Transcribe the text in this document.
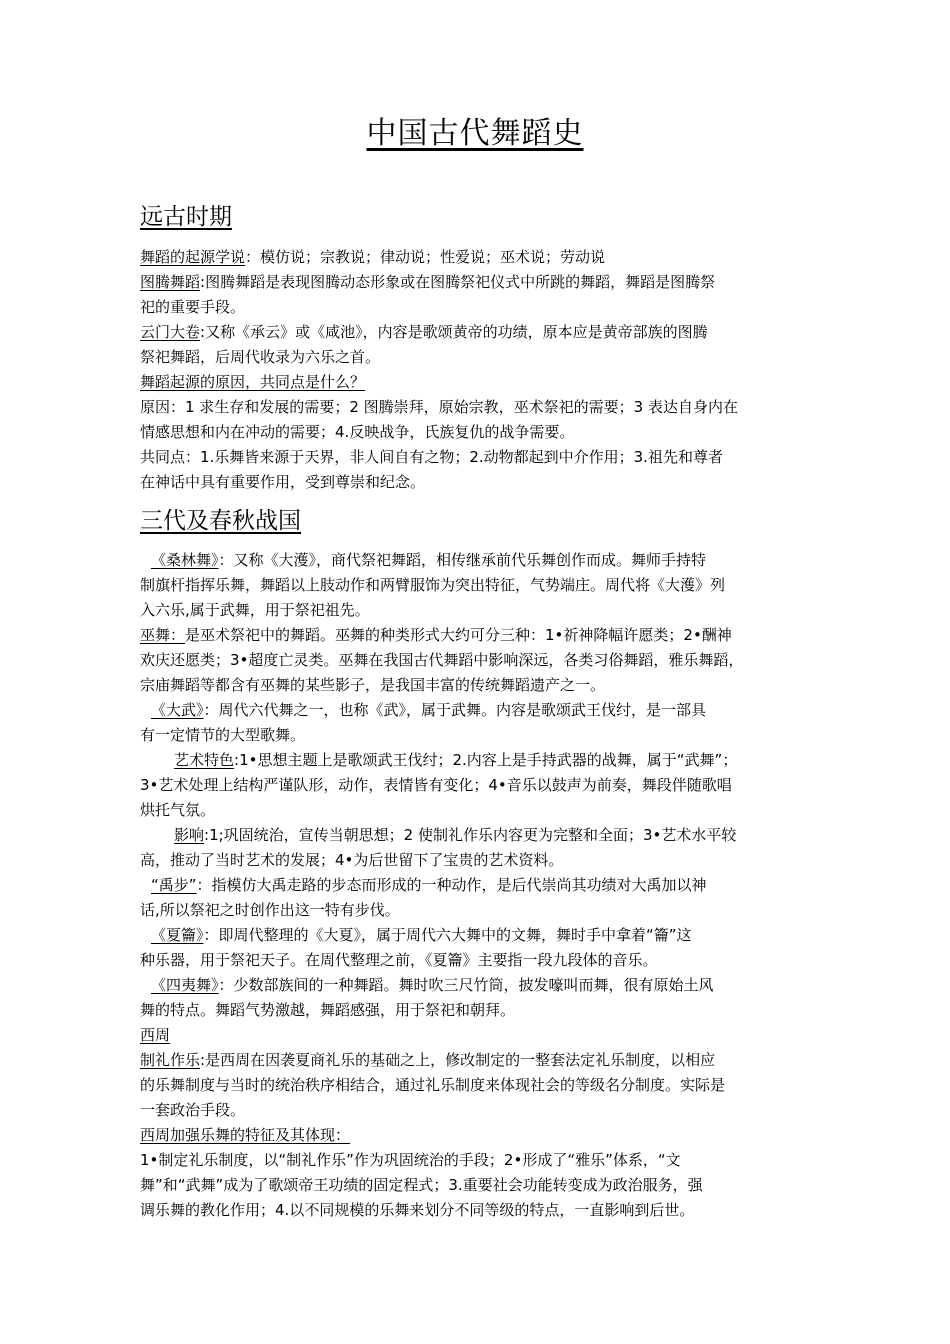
中国古代舞蹈史
远古时期

舞蹈的起源学说：模仿说；宗教说；律动说；性爱说；巫术说；劳动说

图腾舞蹈:图腾舞蹈是表现图腾动态形象或在图腾祭祀仪式中所跳的舞蹈，舞蹈是图腾祭
祀的重要手段。

云门大卷:又称《承云》或《咸池》，内容是歌颂黄帝的功绩，原本应是黄帝部族的图腾
祭祀舞蹈，后周代收录为六乐之首。

舞蹈起源的原因，共同点是什么？

原因：1 求生存和发展的需要；2 图腾崇拜，原始宗教，巫术祭祀的需要；3 表达自身内在
情感思想和内在冲动的需要；4.反映战争，氏族复仇的战争需要。

共同点：1.乐舞皆来源于天界，非人间自有之物；2.动物都起到中介作用；3.祖先和尊者
在神话中具有重要作用，受到尊崇和纪念。

三代及春秋战国

《桑林舞》：又称《大濩》，商代祭祀舞蹈，相传继承前代乐舞创作而成。舞师手持特
制旗杆指挥乐舞，舞蹈以上肢动作和两臂服饰为突出特征，气势端庄。周代将《大濩》列
入六乐,属于武舞，用于祭祀祖先。

巫舞：是巫术祭祀中的舞蹈。巫舞的种类形式大约可分三种：1•祈神降幅许愿类；2•酬神
欢庆还愿类；3•超度亡灵类。巫舞在我国古代舞蹈中影响深远，各类习俗舞蹈，雅乐舞蹈，
宗庙舞蹈等都含有巫舞的某些影子，是我国丰富的传统舞蹈遗产之一。

《大武》：周代六代舞之一，也称《武》，属于武舞。内容是歌颂武王伐纣，是一部具
有一定情节的大型歌舞。

艺术特色:1•思想主题上是歌颂武王伐纣；2.内容上是手持武器的战舞，属于“武舞”；
3•艺术处理上结构严谨队形，动作，表情皆有变化；4•音乐以鼓声为前奏，舞段伴随歌唱
烘托气氛。

影响:1;巩固统治，宣传当朝思想；2 使制礼作乐内容更为完整和全面；3•艺术水平较
高，推动了当时艺术的发展；4•为后世留下了宝贵的艺术资料。

“禹步”：指模仿大禹走路的步态而形成的一种动作，是后代崇尚其功绩对大禹加以神
话,所以祭祀之时创作出这一特有步伐。

《夏籥》：即周代整理的《大夏》，属于周代六大舞中的文舞，舞时手中拿着“籥”这
种乐器，用于祭祀天子。在周代整理之前，《夏籥》主要指一段九段体的音乐。

《四夷舞》：少数部族间的一种舞蹈。舞时吹三尺竹筒，披发嚎叫而舞，很有原始土风
舞的特点。舞蹈气势激越，舞蹈感强，用于祭祀和朝拜。

西周

制礼作乐:是西周在因袭夏商礼乐的基础之上，修改制定的一整套法定礼乐制度，以相应
的乐舞制度与当时的统治秩序相结合，通过礼乐制度来体现社会的等级名分制度。实际是
一套政治手段。

西周加强乐舞的特征及其体现：

1•制定礼乐制度，以“制礼作乐”作为巩固统治的手段；2•形成了“雅乐”体系，“文
舞”和“武舞”成为了歌颂帝王功绩的固定程式；3.重要社会功能转变成为政治服务，强
调乐舞的教化作用；4.以不同规模的乐舞来划分不同等级的特点，一直影响到后世。
